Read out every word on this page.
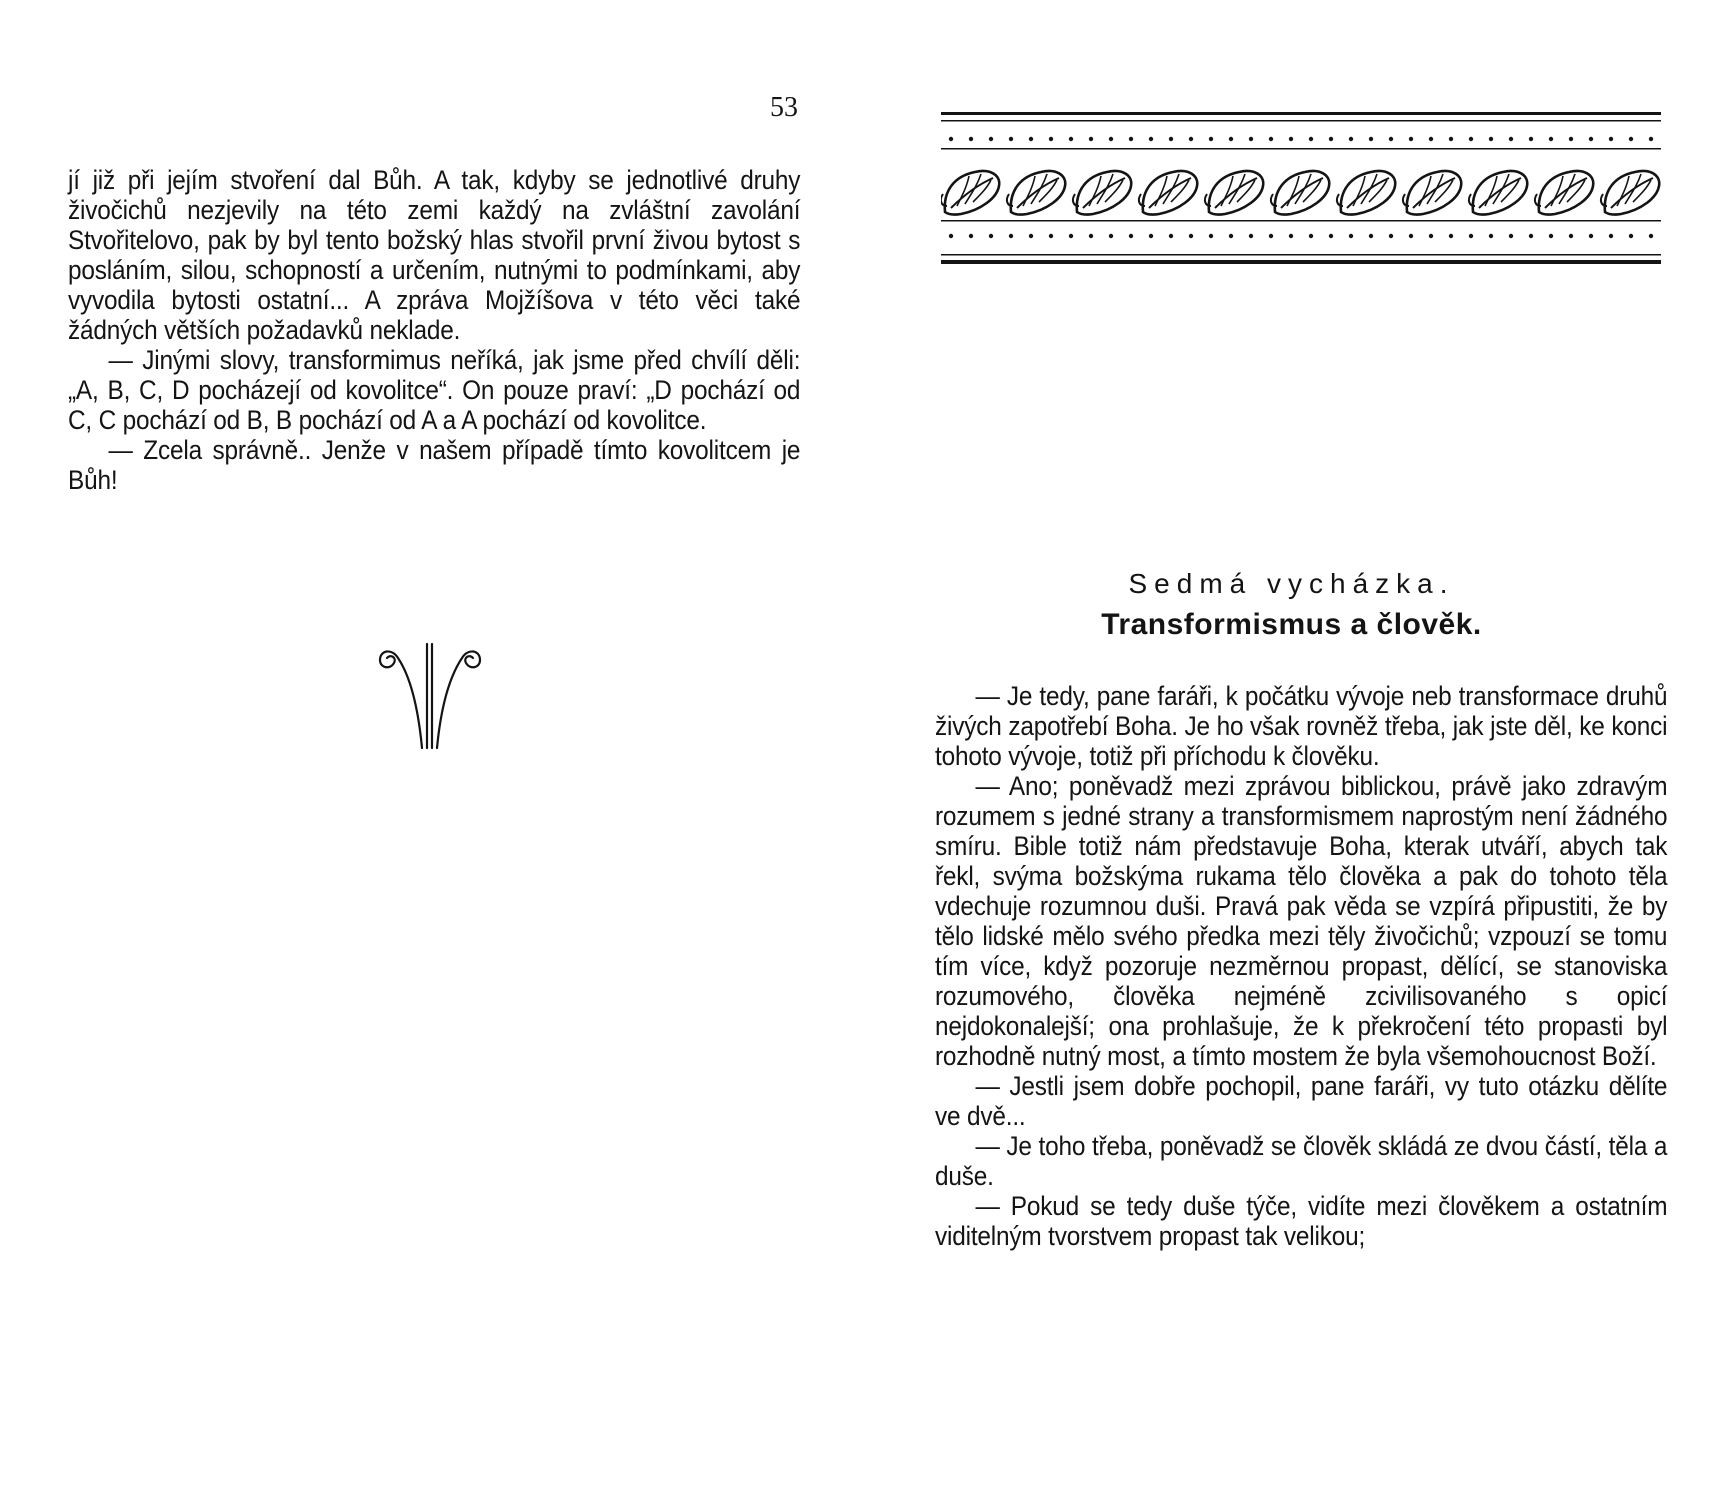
53

jí již při jejím stvoření dal Bůh. A tak, kdyby se jednotlivé druhy živočichů nezjevily na této zemi každý na zvláštní zavolání Stvořitelovo, pak by byl tento božský hlas stvořil první živou bytost s posláním, silou, schopností a určením, nutnými to podmínkami, aby vyvodila bytosti ostatní... A zpráva Mojžíšova v této věci také žádných větších požadavků neklade.

— Jinými slovy, transformimus neříká, jak jsme před chvílí děli: „A, B, C, D pocházejí od kovolitce“. On pouze praví: „D pochází od C, C pochází od B, B pochází od A a A pochází od kovolitce.

— Zcela správně.. Jenže v našem případě tímto kovolitcem je Bůh!

Sedmá vycházka.
Transformismus a člověk.

— Je tedy, pane faráři, k počátku vývoje neb transformace druhů živých zapotřebí Boha. Je ho však rovněž třeba, jak jste děl, ke konci tohoto vývoje, totiž při příchodu k člověku.

— Ano; poněvadž mezi zprávou biblickou, právě jako zdravým rozumem s jedné strany a transformismem naprostým není žádného smíru. Bible totiž nám představuje Boha, kterak utváří, abych tak řekl, svýma božskýma rukama tělo člověka a pak do tohoto těla vdechuje rozumnou duši. Pravá pak věda se vzpírá připustiti, že by tělo lidské mělo svého předka mezi těly živočichů; vzpouzí se tomu tím více, když pozoruje nezměrnou propast, dělící, se stanoviska rozumového, člověka nejméně zcivilisovaného s opicí nejdokonalejší; ona prohlašuje, že k překročení této propasti byl rozhodně nutný most, a tímto mostem že byla všemohoucnost Boží.

— Jestli jsem dobře pochopil, pane faráři, vy tuto otázku dělíte ve dvě...

— Je toho třeba, poněvadž se člověk skládá ze dvou částí, těla a duše.

— Pokud se tedy duše týče, vidíte mezi člověkem a ostatním viditelným tvorstvem propast tak velikou;
